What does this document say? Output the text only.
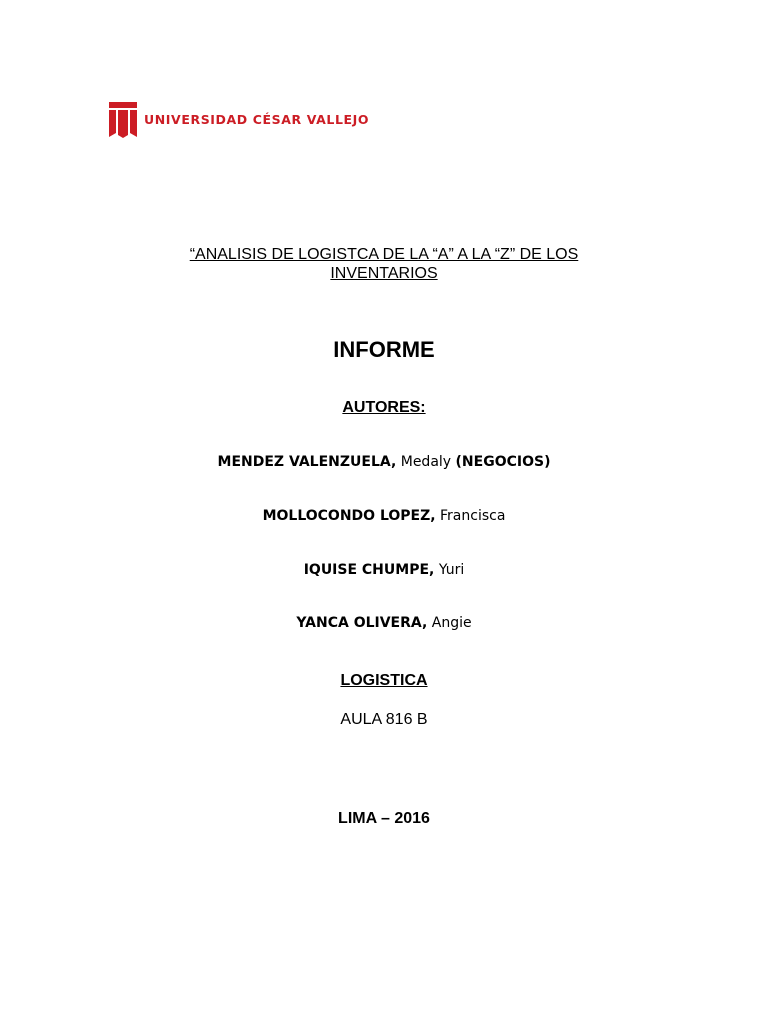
UNIVERSIDAD CÉSAR VALLEJO
“ANALISIS DE LOGISTCA DE LA “A” A LA “Z” DE LOS
INVENTARIOS
INFORME
AUTORES:
MENDEZ VALENZUELA, Medaly (NEGOCIOS)
MOLLOCONDO LOPEZ, Francisca
IQUISE CHUMPE, Yuri
YANCA OLIVERA, Angie
LOGISTICA
AULA 816 B
LIMA – 2016
